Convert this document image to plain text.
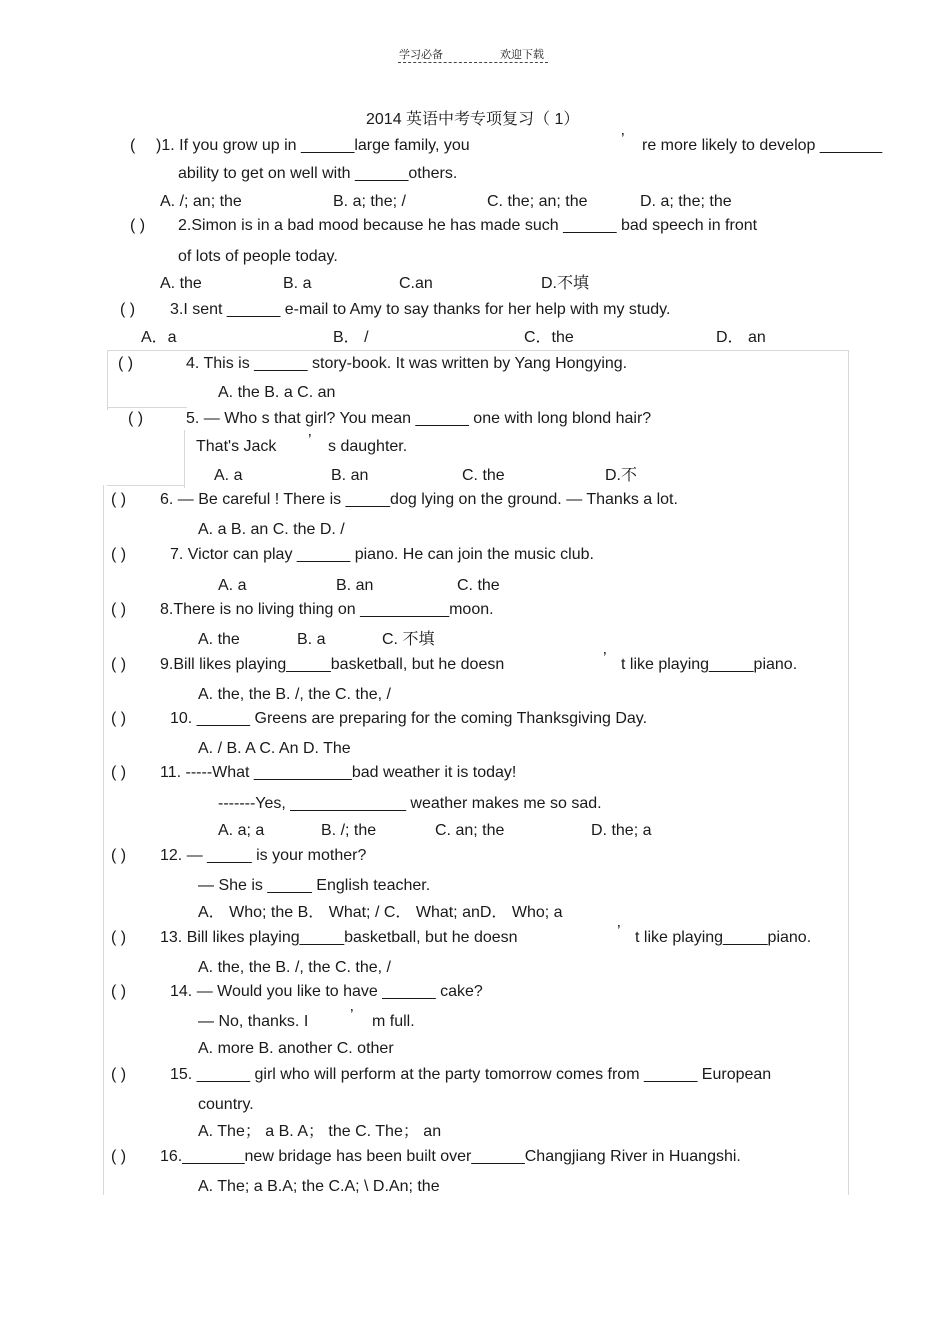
学习必备	欢迎下载
2014 英语中考专项复习（ 1）
( )1. If you grow up in ______large family, you	’ re more likely to develop _______
ability to get on well with ______others.
A. /; an; the	B. a; the; /	C. the; an; the	D. a; the; the
( ) 2.Simon is in a bad mood because he has made such ______ bad speech in front
of lots of people today.
A. the	B. a	C.an	D.不填
( ) 3.I sent ______ e-mail to Amy to say thanks for her help with my study.
A．a	B． /	C．the	D． an
( )	4. This is ______ story-book. It was written by Yang Hongying.
A. the B. a C. an
( )	5. — Who s that girl? You mean ______ one with long blond hair?
That's Jack ’ s daughter.
A. a	B. an	C. the	D.不
( ) 6. — Be careful ! There is _____dog lying on the ground. — Thanks a lot.
A. a B. an C. the D. /
( )	7. Victor can play ______ piano. He can join the music club.
A. a	B. an	C. the
( ) 8.There is no living thing on __________moon.
A. the	B. a	C. 不填
( ) 9.Bill likes playing_____basketball, but he doesn	’ t like playing_____piano.
A. the, the B. /, the C. the, /
( )	10. ______ Greens are preparing for the coming Thanksgiving Day.
A. / B. A C. An D. The
( ) 11. -----What ___________bad weather it is today!
-------Yes, _____________ weather makes me so sad.
A. a; a	B. /; the	C. an; the	D. the; a
( ) 12. — _____ is your mother?
— She is _____ English teacher.
A． Who; the B． What; / C． What; anD． Who; a
( ) 13. Bill likes playing_____basketball, but he doesn	’ t like playing_____piano.
A. the, the B. /, the C. the, /
( )	14. — Would you like to have ______ cake?
— No, thanks. I	’ m full.
A. more B. another C. other
( )	15. ______ girl who will perform at the party tomorrow comes from ______ European
country.
A. The； a B. A； the C. The； an
( ) 16._______new bridage has been built over______Changjiang River in Huangshi.
A. The; a B.A; the C.A; \ D.An; the
